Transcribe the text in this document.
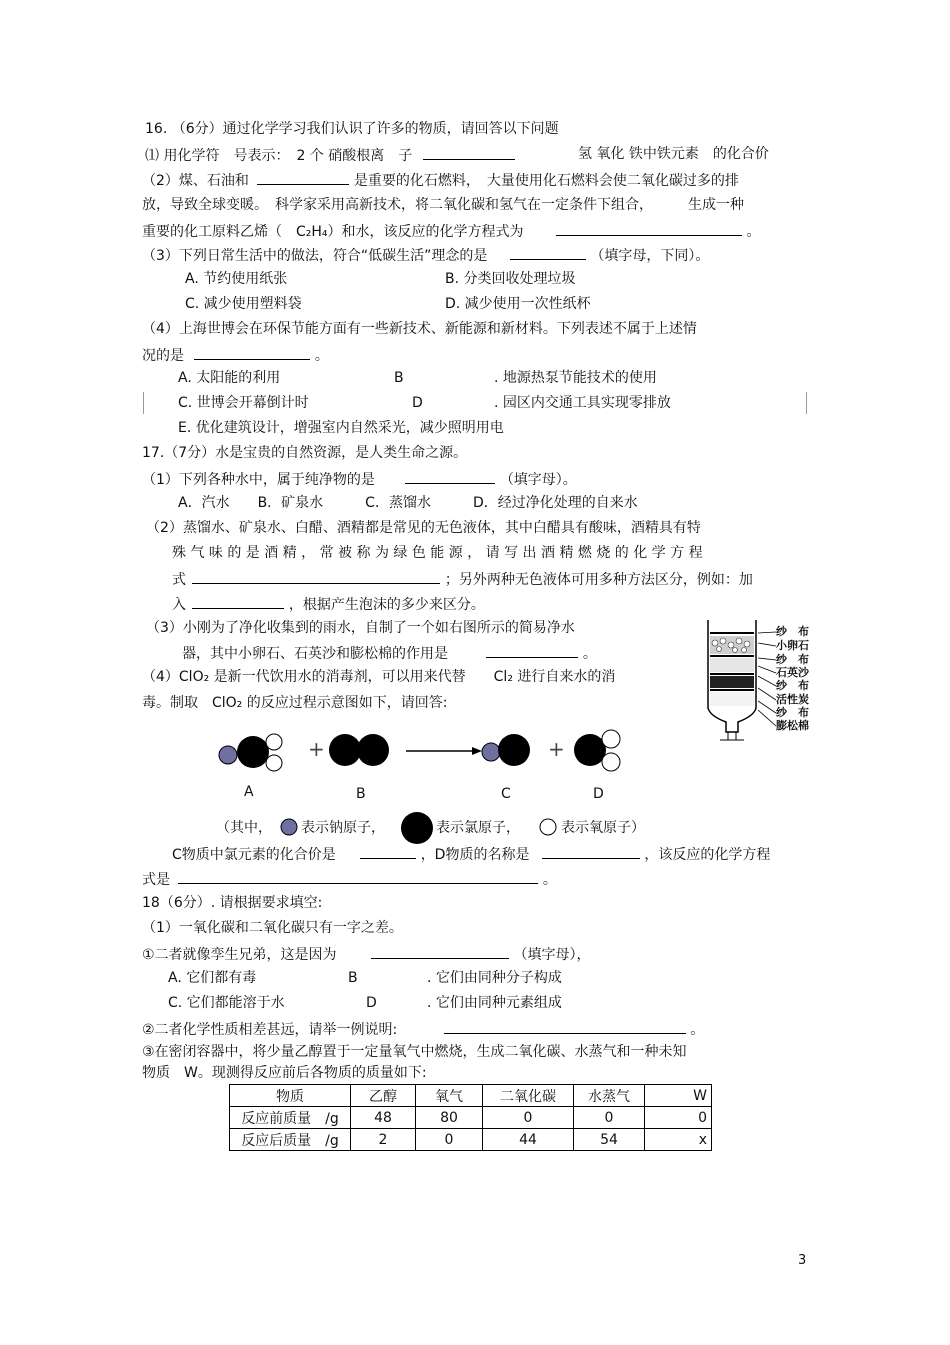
16. （6分）通过化学学习我们认识了许多的物质，请回答以下问题
⑴ 用化学符　号表示：　2 个 硝酸根离　子	氢 氧化 铁中铁元素　的化合价
（2）煤、石油和	是重要的化石燃料，　大量使用化石燃料会使二氧化碳过多的排
放，导致全球变暖。　科学家采用高新技术，将二氧化碳和氢气在一定条件下组合，　　　生成一种
重要的化工原料乙烯（　C₂H₄）和水，该反应的化学方程式为	。
（3）下列日常生活中的做法，符合“低碳生活”理念的是	（填字母，下同）。
A. 节约使用纸张	B. 分类回收处理垃圾
C. 减少使用塑料袋	D. 减少使用一次性纸杯
（4）上海世博会在环保节能方面有一些新技术、新能源和新材料。下列表述不属于上述情
况的是	。
A. 太阳能的利用	B	. 地源热泵节能技术的使用
C. 世博会开幕倒计时	D	. 园区内交通工具实现零排放
E. 优化建筑设计，增强室内自然采光，减少照明用电
17.（7分）水是宝贵的自然资源，是人类生命之源。
（1）下列各种水中，属于纯净物的是	（填字母）。
A．汽水　　B．矿泉水　　　C．蒸馏水　　　D．经过净化处理的自来水
（2）蒸馏水、矿泉水、白醋、酒精都是常见的无色液体，其中白醋具有酸味，酒精具有特
殊 气 味 的 是 酒 精 ， 常 被 称 为 绿 色 能 源 ， 请 写 出 酒 精 燃 烧 的 化 学 方 程
式	；另外两种无色液体可用多种方法区分，例如：加
入	，根据产生泡沫的多少来区分。
（3）小刚为了净化收集到的雨水，自制了一个如右图所示的简易净水
器，其中小卵石、石英沙和膨松棉的作用是	。
（4）ClO₂ 是新一代饮用水的消毒剂，可以用来代替　　Cl₂ 进行自来水的消
毒。制取　ClO₂ 的反应过程示意图如下，请回答:
纱　布
小卵石
纱　布
石英沙
纱　布
活性炭
纱　布
膨松棉
+	+
A	B	C	D
（其中， 表示钠原子，	表示氯原子，	表示氧原子）
C物质中氯元素的化合价是	，D物质的名称是	，该反应的化学方程
式是	。
18（6分）. 请根据要求填空:
（1）一氧化碳和二氧化碳只有一字之差。
①二者就像孪生兄弟，这是因为	（填字母），
A. 它们都有毒	B	. 它们由同种分子构成
C. 它们都能溶于水	D	. 它们由同种元素组成
②二者化学性质相差甚远，请举一例说明:	。
③在密闭容器中，将少量乙醇置于一定量氧气中燃烧，生成二氧化碳、水蒸气和一种未知
物质　W。现测得反应前后各物质的质量如下:
物质	乙醇	氧气	二氧化碳	水蒸气	W
反应前质量　/g	48	80	0	0	0
反应后质量　/g	2	0	44	54	x
3
